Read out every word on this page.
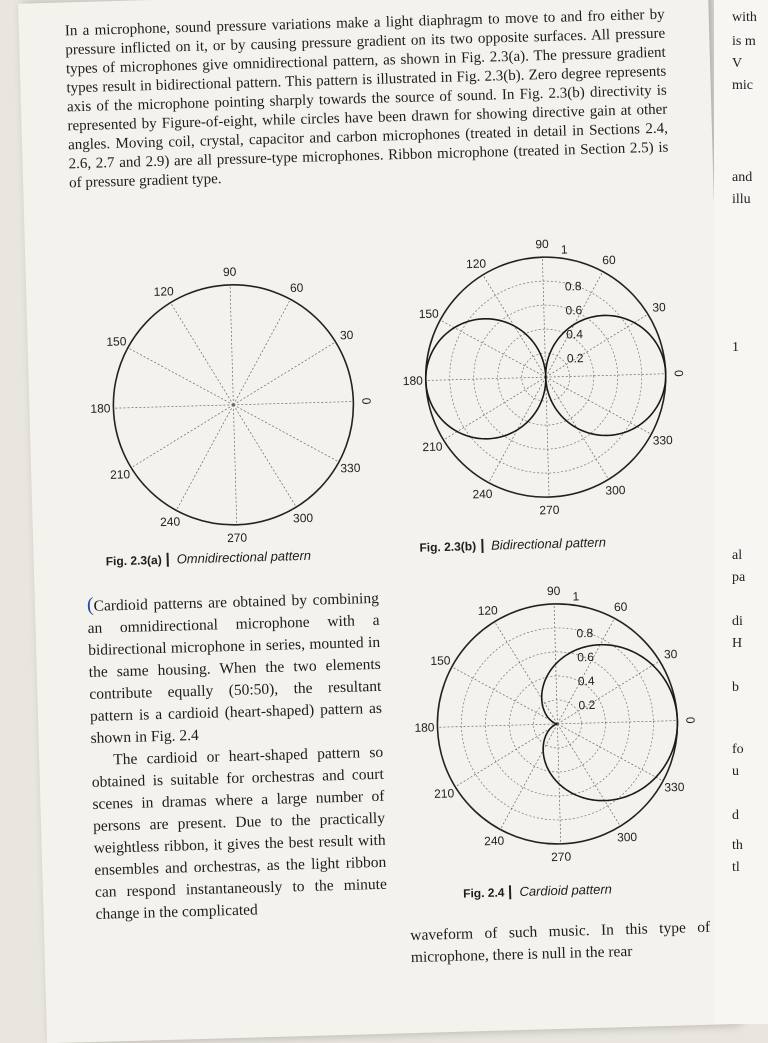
In a microphone, sound pressure variations make a light diaphragm to move to and fro either by pressure inflicted on it, or by causing pressure gradient on its two opposite surfaces. All pressure types of microphones give omnidirectional pattern, as shown in Fig. 2.3(a). The pressure gradient types result in bidirectional pattern. This pattern is illustrated in Fig. 2.3(b). Zero degree represents axis of the microphone pointing sharply towards the source of sound. In Fig. 2.3(b) directivity is represented by Figure-of-eight, while circles have been drawn for showing directive gain at other angles. Moving coil, crystal, capacitor and carbon microphones (treated in detail in Sections 2.4, 2.6, 2.7 and 2.9) are all pressure-type microphones. Ribbon microphone (treated in Section 2.5) is of pressure gradient type.

0
30
60
90
120
150
180
210
240
270
300
330
Fig. 2.3(a) Omnidirectional pattern
0
30
60
90
120
150
180
210
240
270
300
330
1
0.8
0.6
0.4
0.2
Fig. 2.3(b) Bidirectional pattern

(Cardioid patterns are obtained by combining an omnidirectional microphone with a bidirectional microphone in series, mounted in the same housing. When the two elements contribute equally (50:50), the resultant pattern is a cardioid (heart-shaped) pattern as shown in Fig. 2.4

The cardioid or heart-shaped pattern so obtained is suitable for orchestras and court scenes in dramas where a large number of persons are present. Due to the practically weightless ribbon, it gives the best result with ensembles and orchestras, as the light ribbon can respond instantaneously to the minute change in the complicated

0
30
60
90
120
150
180
210
240
270
300
330
1
0.8
0.6
0.4
0.2
Fig. 2.4 Cardioid pattern
waveform of such music. In this type of microphone, there is null in the rear
with
is m
V
mic
and
illu
1
al
pa
di
H
b
fo
u
d
th
tl
